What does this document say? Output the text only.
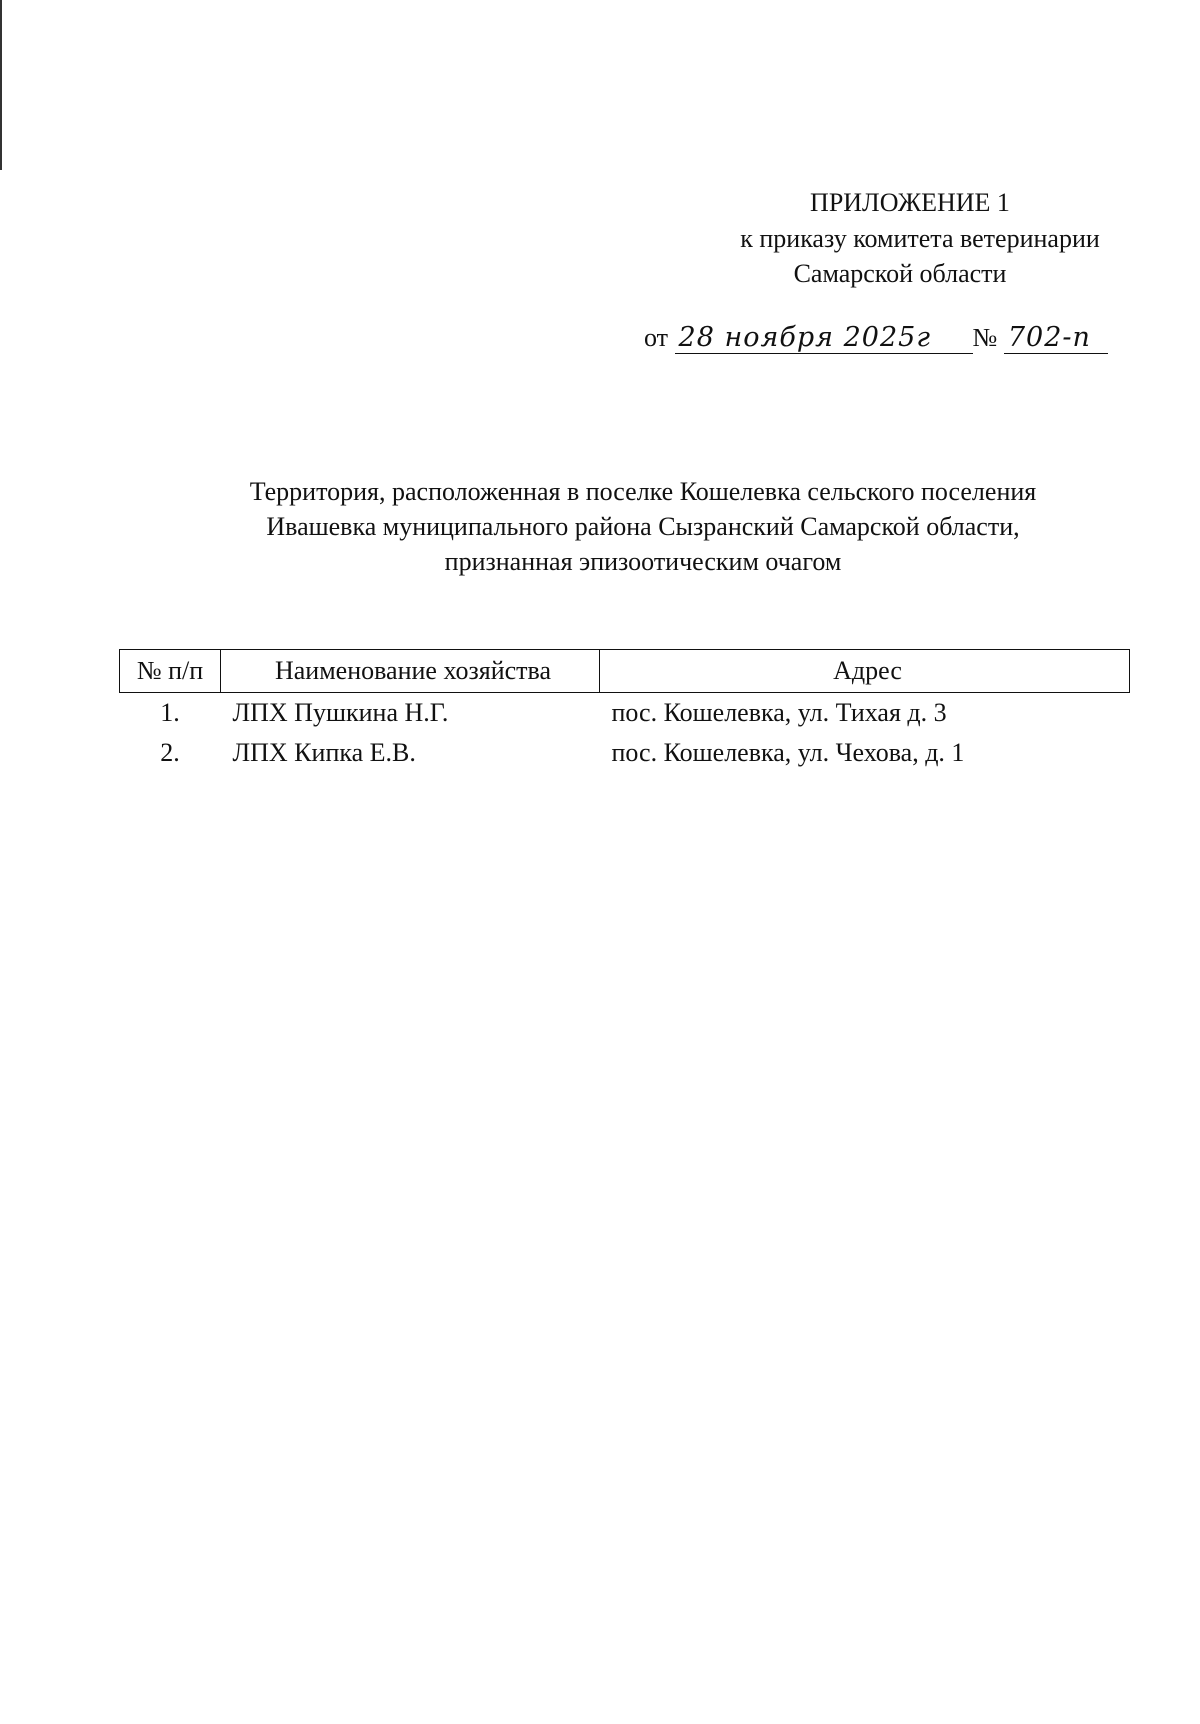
ПРИЛОЖЕНИЕ 1
к приказу комитета ветеринарии
Самарской области
от 28 ноября 2025г № 702-п
Территория, расположенная в поселке Кошелевка сельского поселения
Ивашевка муниципального района Сызранский Самарской области,
признанная эпизоотическим очагом
№ п/п	Наименование хозяйства	Адрес
1.	ЛПХ Пушкина Н.Г.	пос. Кошелевка, ул. Тихая д. 3
2.	ЛПХ Кипка Е.В.	пос. Кошелевка, ул. Чехова, д. 1
